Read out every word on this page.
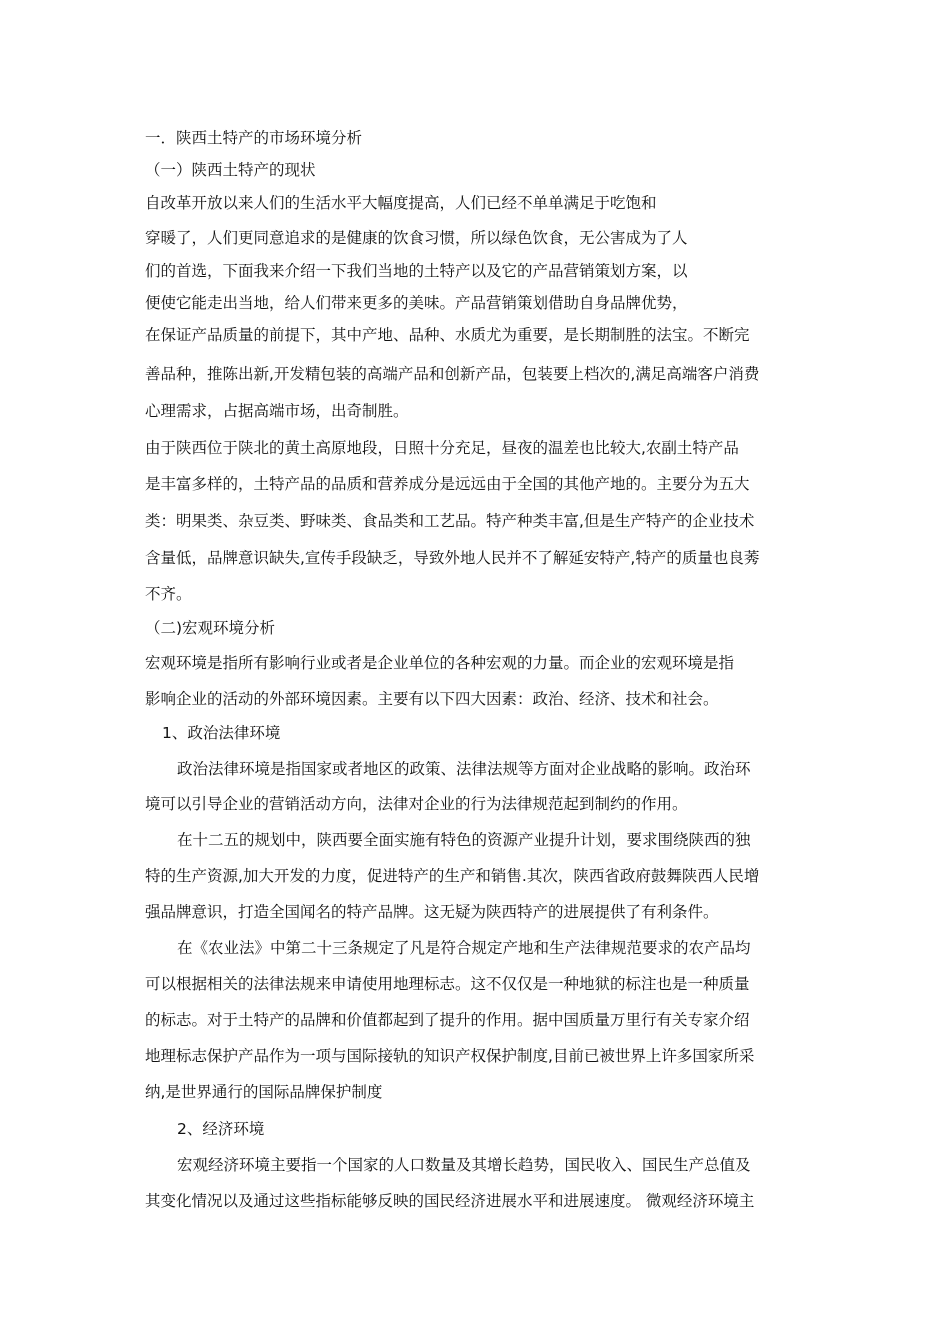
一．陕西土特产的市场环境分析
（一）陕西土特产的现状
自改革开放以来人们的生活水平大幅度提高，人们已经不单单满足于吃饱和
穿暖了，人们更同意追求的是健康的饮食习惯，所以绿色饮食，无公害成为了人
们的首选，下面我来介绍一下我们当地的土特产以及它的产品营销策划方案，以
便使它能走出当地，给人们带来更多的美味。产品营销策划借助自身品牌优势，
在保证产品质量的前提下，其中产地、品种、水质尤为重要，是长期制胜的法宝。不断完
善品种，推陈出新,开发精包装的高端产品和创新产品，包装要上档次的,满足高端客户消费
心理需求，占据高端市场，出奇制胜。
由于陕西位于陕北的黄土高原地段，日照十分充足，昼夜的温差也比较大,农副土特产品
是丰富多样的，土特产品的品质和营养成分是远远由于全国的其他产地的。主要分为五大
类：明果类、杂豆类、野味类、食品类和工艺品。特产种类丰富,但是生产特产的企业技术
含量低，品牌意识缺失,宣传手段缺乏，导致外地人民并不了解延安特产,特产的质量也良莠
不齐。
（二)宏观环境分析
宏观环境是指所有影响行业或者是企业单位的各种宏观的力量。而企业的宏观环境是指
影响企业的活动的外部环境因素。主要有以下四大因素：政治、经济、技术和社会。
1、政治法律环境
政治法律环境是指国家或者地区的政策、法律法规等方面对企业战略的影响。政治环
境可以引导企业的营销活动方向，法律对企业的行为法律规范起到制约的作用。
在十二五的规划中，陕西要全面实施有特色的资源产业提升计划，要求围绕陕西的独
特的生产资源,加大开发的力度，促进特产的生产和销售.其次，陕西省政府鼓舞陕西人民增
强品牌意识，打造全国闻名的特产品牌。这无疑为陕西特产的进展提供了有利条件。
在《农业法》中第二十三条规定了凡是符合规定产地和生产法律规范要求的农产品均
可以根据相关的法律法规来申请使用地理标志。这不仅仅是一种地狱的标注也是一种质量
的标志。对于土特产的品牌和价值都起到了提升的作用。据中国质量万里行有关专家介绍
地理标志保护产品作为一项与国际接轨的知识产权保护制度,目前已被世界上许多国家所采
纳,是世界通行的国际品牌保护制度
2、经济环境
宏观经济环境主要指一个国家的人口数量及其增长趋势，国民收入、国民生产总值及
其变化情况以及通过这些指标能够反映的国民经济进展水平和进展速度。 微观经济环境主
